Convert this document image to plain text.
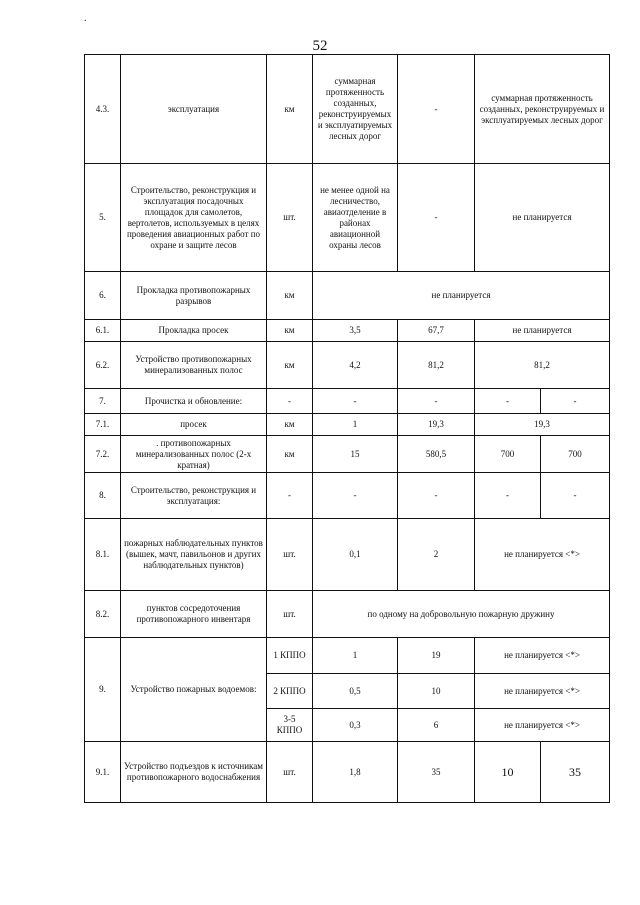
.
52
4.3.	эксплуатация	км	суммарная протяженность созданных, реконструируемых и эксплуатируемых лесных дорог	-	суммарная протяженность созданных, реконструируемых и эксплуатируемых лесных дорог	
5.	Строительство, реконструкция и эксплуатация посадочных площадок для самолетов, вертолетов, используемых в целях проведения авиационных работ по охране и защите лесов	шт.	не менее одной на лесничество, авиаотделение в районах авиационной охраны лесов	-	не планируется	
6.	Прокладка противопожарных разрывов	км	не планируется			
6.1.	Прокладка просек	км	3,5	67,7	не планируется	
6.2.	Устройство противопожарных минерализованных полос	км	4,2	81,2	81,2	
7.	Прочистка и обновление:	-	-	-	-	-
7.1.	просек	км	1	19,3	19,3	
7.2.	. противопожарных минерализованных полос (2-х кратная)	км	15	580,5	700	700
8.	Строительство, реконструкция и эксплуатация:	-	-	-	-	-
8.1.	пожарных наблюдательных пунктов (вышек, мачт, павильонов и других наблюдательных пунктов)	шт.	0,1	2	не планируется <*>	
8.2.	пунктов сосредоточения противопожарного инвентаря	шт.	по одному на добровольную пожарную дружину			
9.	Устройство пожарных водоемов:	1 КППО	1	19	не планируется <*>	
		2 КППО	0,5	10	не планируется <*>	
		3-5 КППО	0,3	6	не планируется <*>	
9.1.	Устройство подъездов к источникам противопожарного водоснабжения	шт.	1,8	35	10	35
